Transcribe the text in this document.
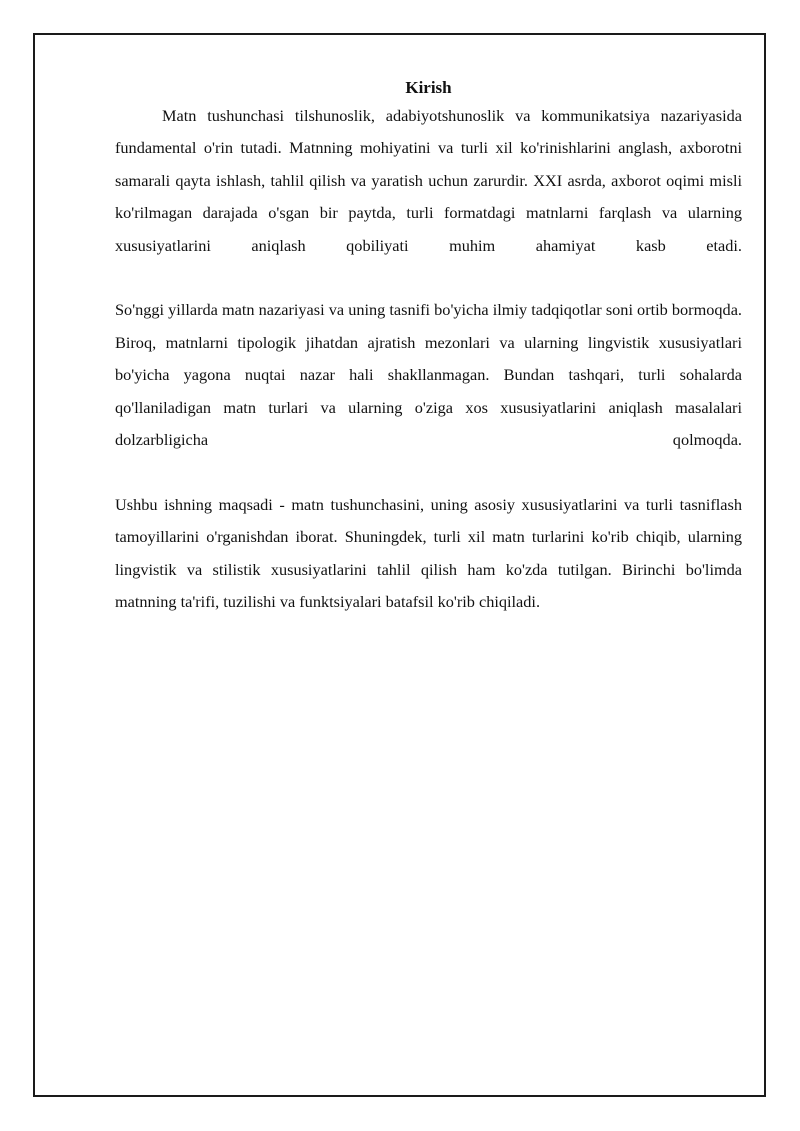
Kirish

Matn tushunchasi tilshunoslik, adabiyotshunoslik va kommunikatsiya nazariyasida fundamental o'rin tutadi. Matnning mohiyatini va turli xil ko'rinishlarini anglash, axborotni samarali qayta ishlash, tahlil qilish va yaratish uchun zarurdir. XXI asrda, axborot oqimi misli ko'rilmagan darajada o'sgan bir paytda, turli formatdagi matnlarni farqlash va ularning xususiyatlarini aniqlash qobiliyati muhim ahamiyat kasb etadi.

So'nggi yillarda matn nazariyasi va uning tasnifi bo'yicha ilmiy tadqiqotlar soni ortib bormoqda. Biroq, matnlarni tipologik jihatdan ajratish mezonlari va ularning lingvistik xususiyatlari bo'yicha yagona nuqtai nazar hali shakllanmagan. Bundan tashqari, turli sohalarda qo'llaniladigan matn turlari va ularning o'ziga xos xususiyatlarini aniqlash masalalari dolzarbligicha qolmoqda.

Ushbu ishning maqsadi - matn tushunchasini, uning asosiy xususiyatlarini va turli tasniflash tamoyillarini o'rganishdan iborat. Shuningdek, turli xil matn turlarini ko'rib chiqib, ularning lingvistik va stilistik xususiyatlarini tahlil qilish ham ko'zda tutilgan. Birinchi bo'limda matnning ta'rifi, tuzilishi va funktsiyalari batafsil ko'rib chiqiladi.
